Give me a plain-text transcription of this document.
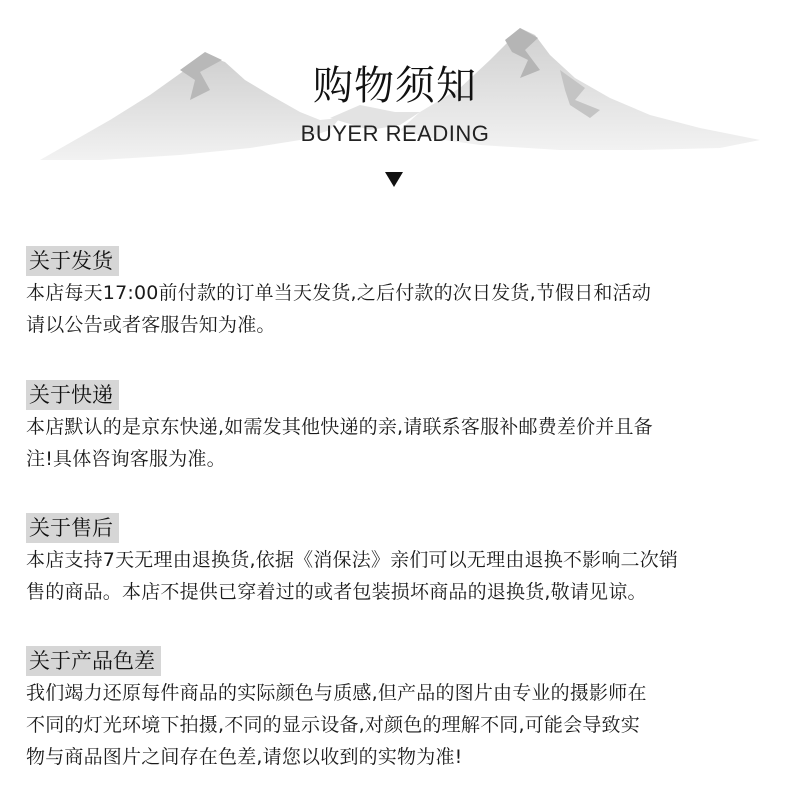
购物须知
BUYER READING
关于发货
本店每天17:00前付款的订单当天发货,之后付款的次日发货,节假日和活动
请以公告或者客服告知为准。
关于快递
本店默认的是京东快递,如需发其他快递的亲,请联系客服补邮费差价并且备
注!具体咨询客服为准。
关于售后
本店支持7天无理由退换货,依据《消保法》亲们可以无理由退换不影响二次销
售的商品。本店不提供已穿着过的或者包装损坏商品的退换货,敬请见谅。
关于产品色差
我们竭力还原每件商品的实际颜色与质感,但产品的图片由专业的摄影师在
不同的灯光环境下拍摄,不同的显示设备,对颜色的理解不同,可能会导致实
物与商品图片之间存在色差,请您以收到的实物为准!
